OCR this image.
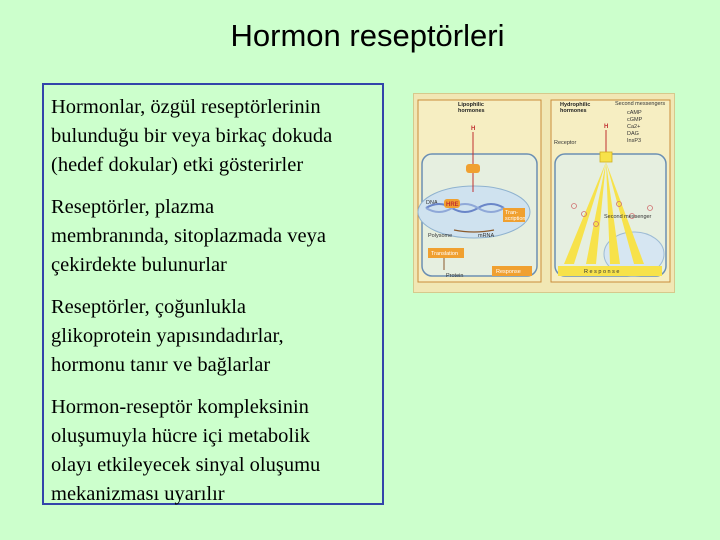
Hormon reseptörleri

Hormonlar, özgül reseptörlerinin
bulunduğu bir veya birkaç dokuda
(hedef dokular) etki gösterirler

Reseptörler, plazma
membranında, sitoplazmada veya
çekirdekte bulunurlar

Reseptörler, çoğunlukla
glikoprotein yapısındadırlar,
hormonu tanır ve bağlarlar

Hormon-reseptör kompleksinin
oluşumuyla hücre içi metabolik
olayı etkileyecek sinyal oluşumu
mekanizması uyarılır

Lipophilic
hormones
Hydrophilic
hormones
Second messengers
cAMP
cGMP
Ca2+
DAG
InsP3
H
DNA HRE
Tran-
scription
Polysome	mRNA
Translation
Protein
Response
H
Receptor
Second messenger
R e s p o n s e
